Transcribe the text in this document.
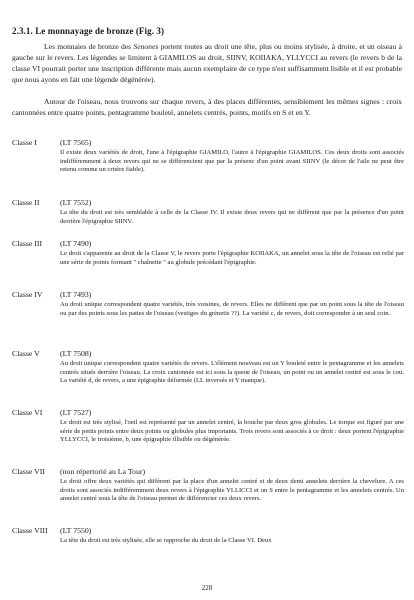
2.3.1. Le monnayage de bronze (Fig. 3)
Les monnaies de bronze des Senones portent toutes au droit une tête, plus ou moins stylisée, à droite, et un oiseau à gauche sur le revers. Les légendes se limitent à GIAMILOS au droit, SIINV, KOIIAKA, YLLYCCI au revers (le revers b de la classe VI pourrait porter une inscription différente mais aucun exemplaire de ce type n'est suffisamment lisible et il est probable que nous ayons en fait une légende dégénérée).
Autour de l'oiseau, nous trouvons sur chaque revers, à des places différentes, sensiblement les mêmes signes : croix cantonnées entre quatre points, pentagramme bouleté, annelets centrés, points, motifs en S et en Y.
Classe I	(LT 7565)
Il existe deux variétés de droit, l'une à l'épigraphie GIAMILO, l'autre à l'épigraphie GIAMILOS. Ces deux droits sont associés indifféremment à deux revers qui ne se différencient que par la présenc d'un point avant SIINV (le décor de l'aile ne peut être retenu comme un critère fiable).
Classe II	(LT 7552)
La tête du droit est très semblable à celle de la Classe IV. Il existe deux revers qui ne diffèrent que par la présence d'un point derrière l'épigraphie SIINV.
Classe III (LT 7490)
Le droit s'apparente au droit de la Classe V, le revers porte l'épigraphie KOIIAKA, un annelet sous la tête de l'oiseau est relié par une série de points formant " chaînette " au globule précédant l'épigraphie.
Classe IV (LT 7493)
Au droit unique correspondent quatre variétés, très voisines, de revers. Elles ne diffèrent que par un point sous la tête de l'oiseau ou par des points sous les pattes de l'oiseau (vestiges du grènetis ??). La variété c, de revers, doit correspondre à un seul coin.
Classe V	(LT 7508)
Au droit unique correspondent quatre variétés de revers. L'élément nouveau est un Y bouleté entre le pentagramme et les annelets centrés situés derrière l'oiseau. La croix cantonnée est ici sous la queue de l'oiseau, un point ou un annelet centré est sous le cou. La variété d, de revers, a une épigraphie déformée (LL inversés et Y manque).
Classe VI (LT 7527)
Le droit est très stylisé, l'oeil est représenté par un annelet centré, la bouche par deux gros globules. Le torque est figuré par une série de petits points entre deux points ou globules plus importants. Trois revers sont associés à ce droit : deux portent l'épigraphie YLLYCCI, le troisième, b, une épigraphie illisible ou dégénérée.
Classe VII (non répertorié au La Tour)
Le droit offre deux variétés qui diffèrent par la place d'un annelet centré et de deux demi annelets derrière la chevelure. A ces droits sont associés indifféremment deux revers à l'épigraphie YLLICCI et un S entre le pentagramme et les annelets centrés. Un annelet centré sous la tête de l'oiseau permet de différencier ces deux revers.
Classe VIII (LT 7550)
La tête du droit est très stylisée, elle se rapproche du droit de la Classe VI. Deux
228
